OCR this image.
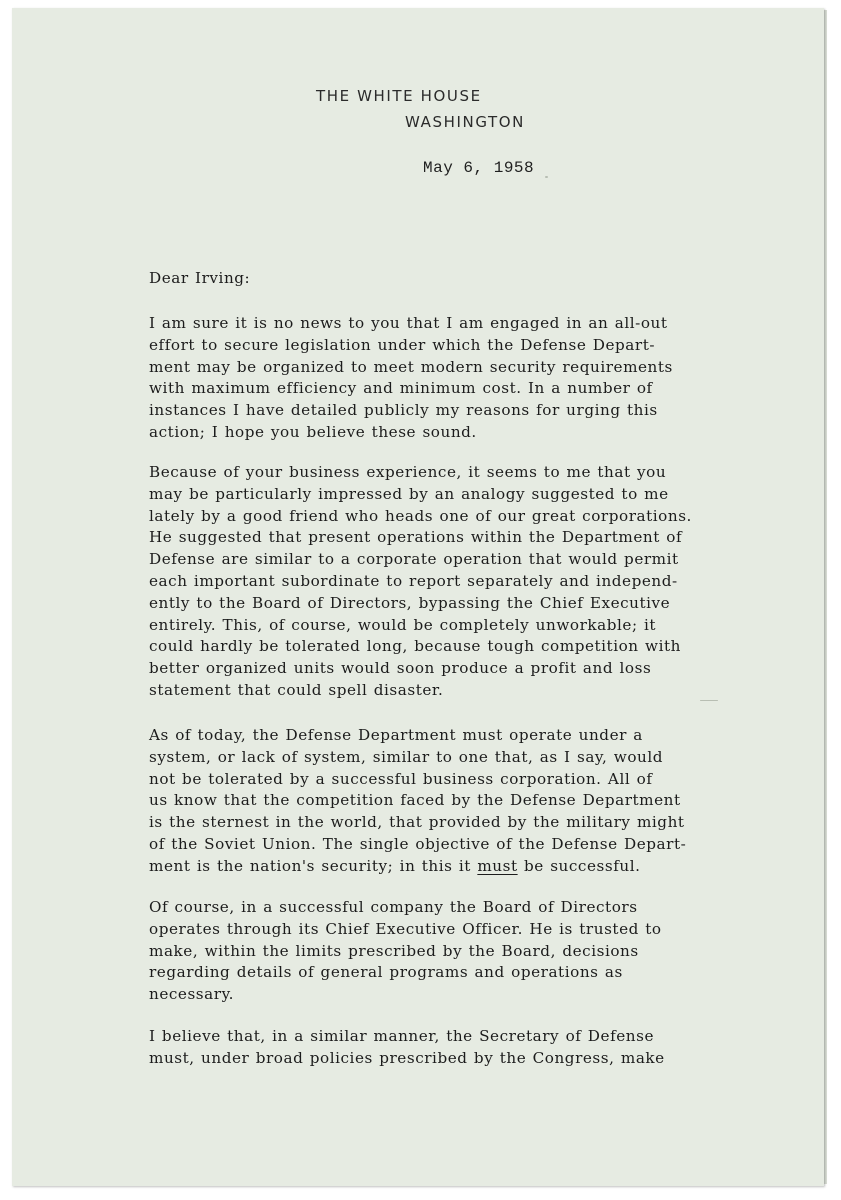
THE WHITE HOUSE
WASHINGTON
May 6, 1958
Dear Irving:
I am sure it is no news to you that I am engaged in an all-out
effort to secure legislation under which the Defense Depart-
ment may be organized to meet modern security requirements
with maximum efficiency and minimum cost. In a number of
instances I have detailed publicly my reasons for urging this
action; I hope you believe these sound.
Because of your business experience, it seems to me that you
may be particularly impressed by an analogy suggested to me
lately by a good friend who heads one of our great corporations.
He suggested that present operations within the Department of
Defense are similar to a corporate operation that would permit
each important subordinate to report separately and independ-
ently to the Board of Directors, bypassing the Chief Executive
entirely. This, of course, would be completely unworkable; it
could hardly be tolerated long, because tough competition with
better organized units would soon produce a profit and loss
statement that could spell disaster.
As of today, the Defense Department must operate under a
system, or lack of system, similar to one that, as I say, would
not be tolerated by a successful business corporation. All of
us know that the competition faced by the Defense Department
is the sternest in the world, that provided by the military might
of the Soviet Union. The single objective of the Defense Depart-
ment is the nation's security; in this it must be successful.
Of course, in a successful company the Board of Directors
operates through its Chief Executive Officer. He is trusted to
make, within the limits prescribed by the Board, decisions
regarding details of general programs and operations as
necessary.
I believe that, in a similar manner, the Secretary of Defense
must, under broad policies prescribed by the Congress, make
